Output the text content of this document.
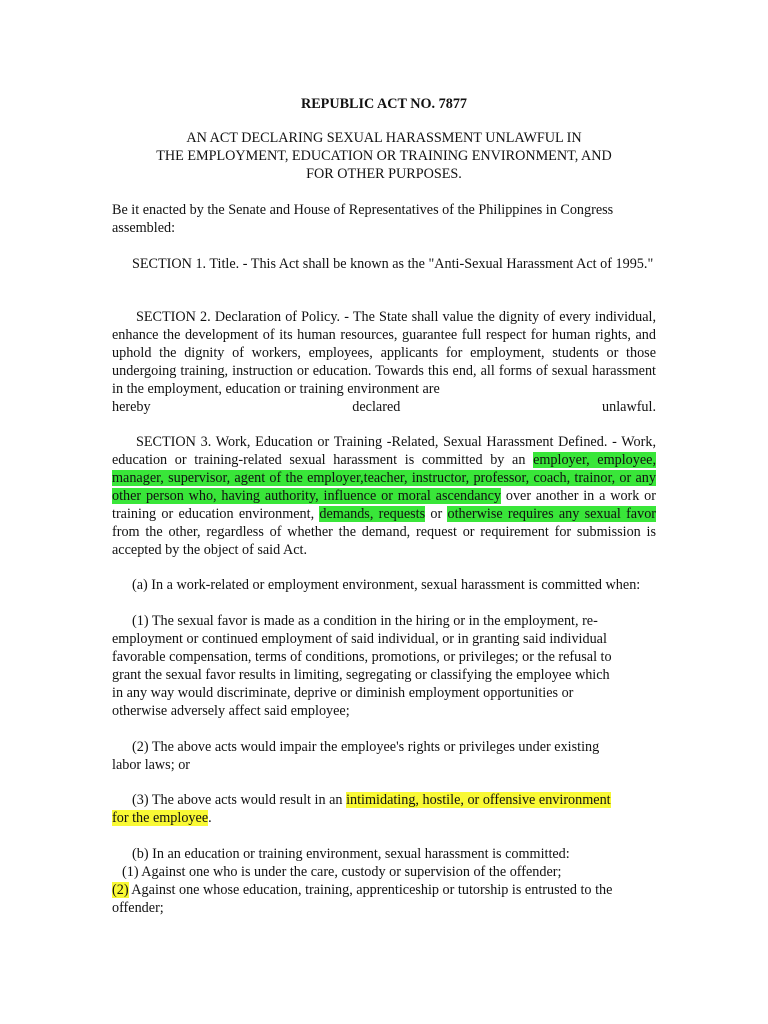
REPUBLIC ACT NO. 7877

AN ACT DECLARING SEXUAL HARASSMENT UNLAWFUL IN

THE EMPLOYMENT, EDUCATION OR TRAINING ENVIRONMENT, AND

FOR OTHER PURPOSES.

Be it enacted by the Senate and House of Representatives of the Philippines in Congress assembled:

SECTION 1. Title. - This Act shall be known as the "Anti-Sexual Harassment Act of 1995."

SECTION 2. Declaration of Policy. - The State shall value the dignity of every individual, enhance the development of its human resources, guarantee full respect for human rights, and uphold the dignity of workers, employees, applicants for employment, students or those undergoing training, instruction or education. Towards this end, all forms of sexual harassment in the employment, education or training environment are

hereby declared unlawful.

SECTION 3. Work, Education or Training -Related, Sexual Harassment Defined. - Work, education or training-related sexual harassment is committed by an employer, employee, manager, supervisor, agent of the employer,teacher, instructor, professor, coach, trainor, or any other person who, having authority, influence or moral ascendancy over another in a work or training or education environment, demands, requests or otherwise requires any sexual favor from the other, regardless of whether the demand, request or requirement for submission is accepted by the object of said Act.

(a) In a work-related or employment environment, sexual harassment is committed when:

(1) The sexual favor is made as a condition in the hiring or in the employment, re-
employment or continued employment of said individual, or in granting said individual
favorable compensation, terms of conditions, promotions, or privileges; or the refusal to
grant the sexual favor results in limiting, segregating or classifying the employee which
in any way would discriminate, deprive or diminish employment opportunities or
otherwise adversely affect said employee;
(2) The above acts would impair the employee's rights or privileges under existing
labor laws; or
(3) The above acts would result in an intimidating, hostile, or offensive environment
for the employee.
(b) In an education or training environment, sexual harassment is committed:
(1) Against one who is under the care, custody or supervision of the offender;
(2) Against one whose education, training, apprenticeship or tutorship is entrusted to the
offender;
